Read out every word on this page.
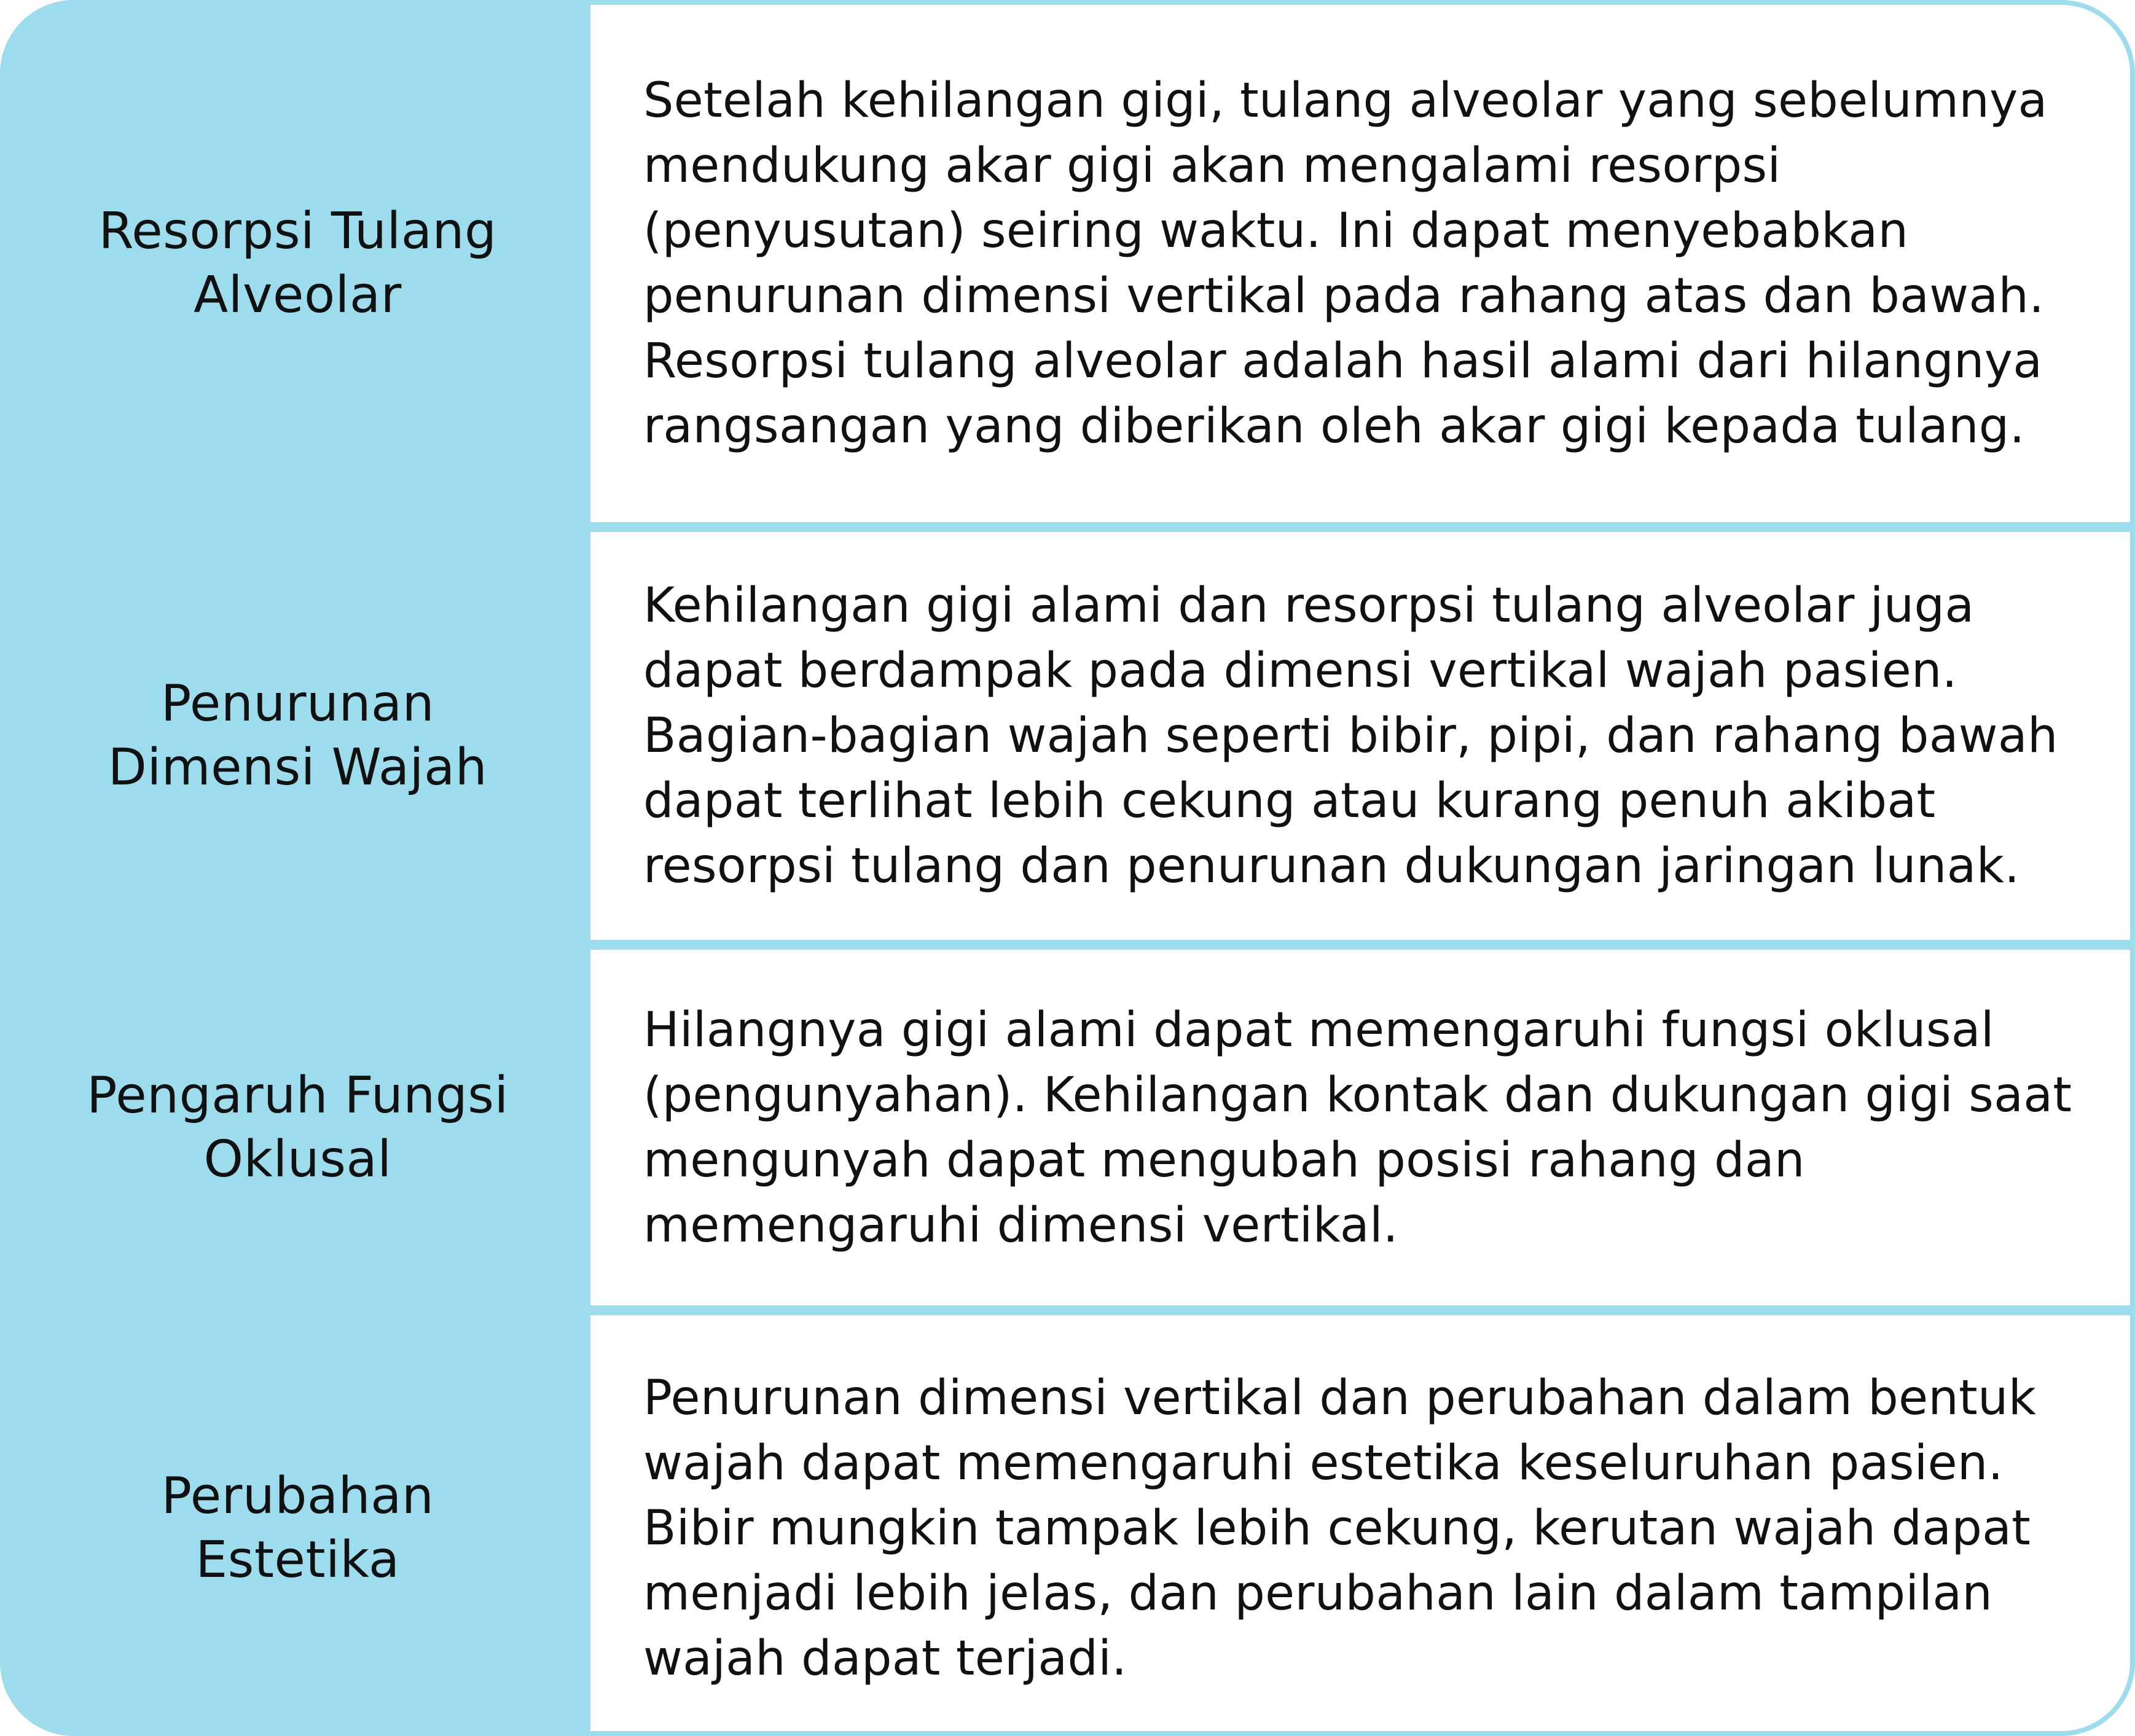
Resorpsi Tulang Alveolar
Setelah kehilangan gigi, tulang alveolar yang sebelumnya mendukung akar gigi akan mengalami resorpsi (penyusutan) seiring waktu. Ini dapat menyebabkan penurunan dimensi vertikal pada rahang atas dan bawah. Resorpsi tulang alveolar adalah hasil alami dari hilangnya rangsangan yang diberikan oleh akar gigi kepada tulang.
Penurunan Dimensi Wajah
Kehilangan gigi alami dan resorpsi tulang alveolar juga dapat berdampak pada dimensi vertikal wajah pasien. Bagian-bagian wajah seperti bibir, pipi, dan rahang bawah dapat terlihat lebih cekung atau kurang penuh akibat resorpsi tulang dan penurunan dukungan jaringan lunak.
Pengaruh Fungsi Oklusal
Hilangnya gigi alami dapat memengaruhi fungsi oklusal (pengunyahan). Kehilangan kontak dan dukungan gigi saat mengunyah dapat mengubah posisi rahang dan memengaruhi dimensi vertikal.
Perubahan Estetika
Penurunan dimensi vertikal dan perubahan dalam bentuk wajah dapat memengaruhi estetika keseluruhan pasien. Bibir mungkin tampak lebih cekung, kerutan wajah dapat menjadi lebih jelas, dan perubahan lain dalam tampilan wajah dapat terjadi.
